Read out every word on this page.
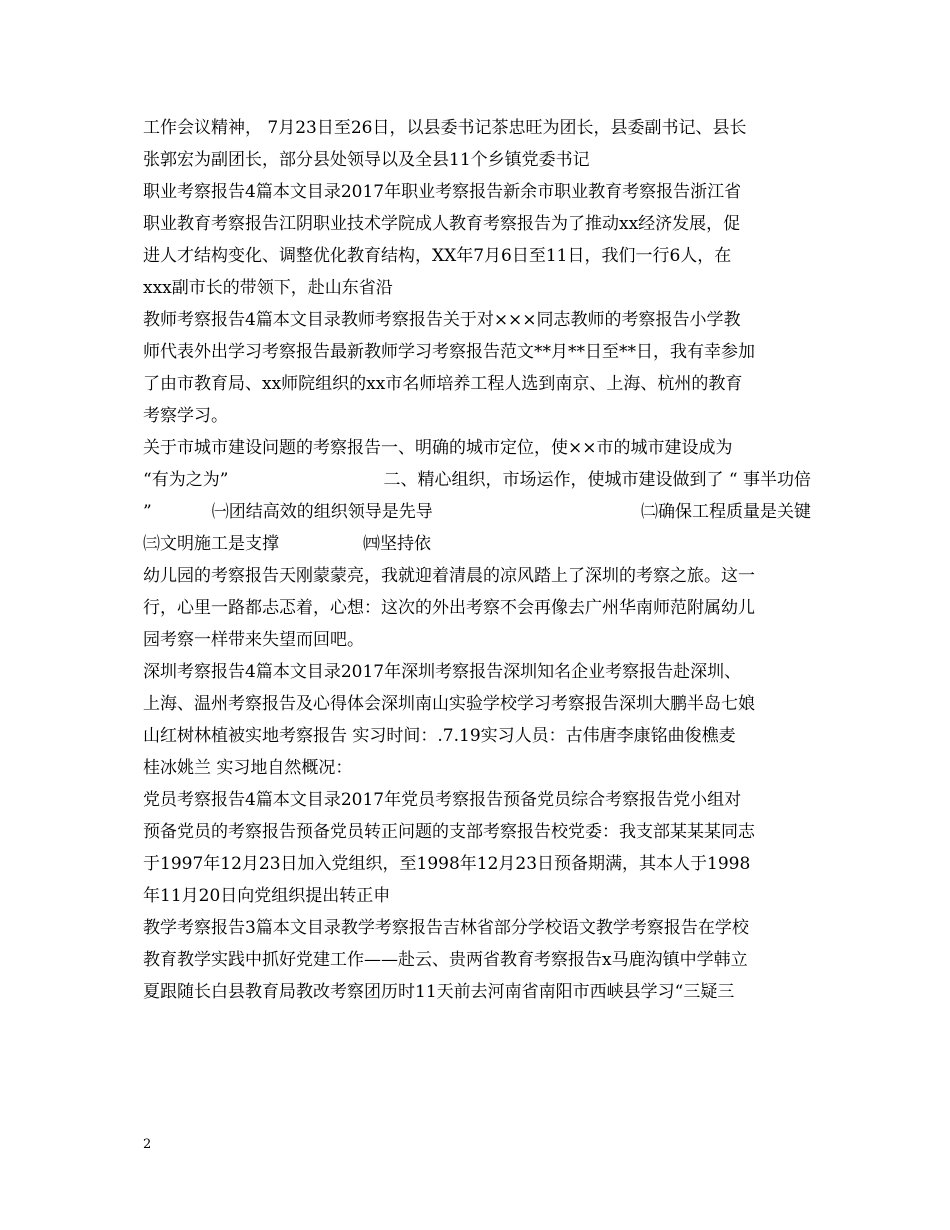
工作会议精神， 7月23日至26日，以县委书记茶忠旺为团长，县委副书记、县长
张郭宏为副团长，部分县处领导以及全县11个乡镇党委书记
职业考察报告4篇本文目录2017年职业考察报告新余市职业教育考察报告浙江省
职业教育考察报告江阴职业技术学院成人教育考察报告为了推动xx经济发展，促
进人才结构变化、调整优化教育结构，XX年7月6日至11日，我们一行6人，在
xxx副市长的带领下，赴山东省沿
教师考察报告4篇本文目录教师考察报告关于对×××同志教师的考察报告小学教
师代表外出学习考察报告最新教师学习考察报告范文**月**日至**日，我有幸参加
了由市教育局、xx师院组织的xx市名师培养工程人选到南京、上海、杭州的教育
考察学习。
关于市城市建设问题的考察报告一、明确的城市定位，使××市的城市建设成为
“有为之为”	二、精心组织，市场运作，使城市建设做到了 “ 事半功倍
”	㈠团结高效的组织领导是先导	㈡确保工程质量是关键
㈢文明施工是支撑	㈣坚持依
幼儿园的考察报告天刚蒙蒙亮，我就迎着清晨的凉风踏上了深圳的考察之旅。这一
行，心里一路都忐忑着，心想：这次的外出考察不会再像去广州华南师范附属幼儿
园考察一样带来失望而回吧。
深圳考察报告4篇本文目录2017年深圳考察报告深圳知名企业考察报告赴深圳、
上海、温州考察报告及心得体会深圳南山实验学校学习考察报告深圳大鹏半岛七娘
山红树林植被实地考察报告 实习时间：.7.19实习人员：古伟唐李康铭曲俊樵麦
桂冰姚兰 实习地自然概况：
党员考察报告4篇本文目录2017年党员考察报告预备党员综合考察报告党小组对
预备党员的考察报告预备党员转正问题的支部考察报告校党委：我支部某某某同志
于1997年12月23日加入党组织，至1998年12月23日预备期满，其本人于1998
年11月20日向党组织提出转正申
教学考察报告3篇本文目录教学考察报告吉林省部分学校语文教学考察报告在学校
教育教学实践中抓好党建工作——赴云、贵两省教育考察报告x马鹿沟镇中学韩立
夏跟随长白县教育局教改考察团历时11天前去河南省南阳市西峡县学习“三疑三
2
